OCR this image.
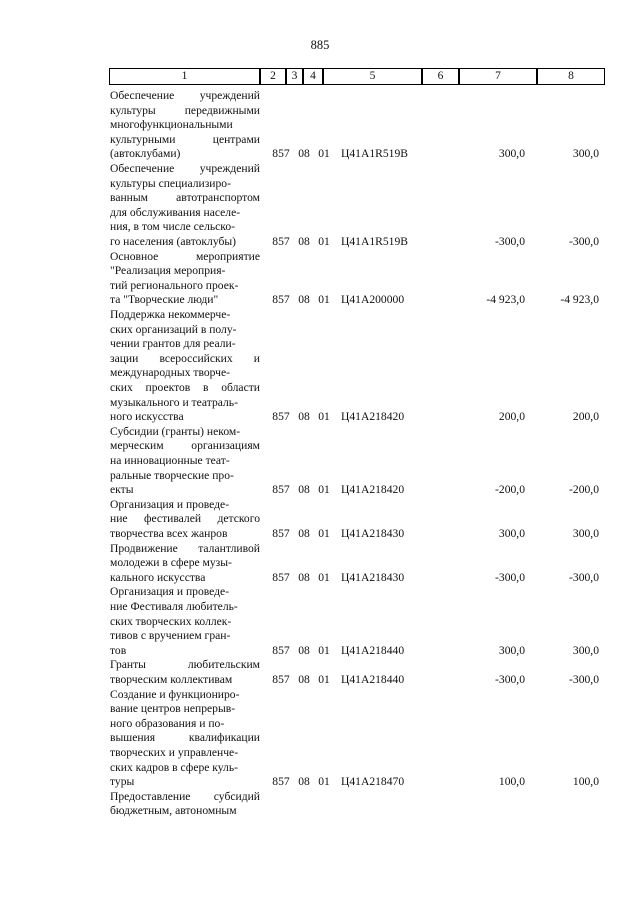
885
1	2	3	4	5	6	7	8
Обеспечение учреждений
культуры передвижными
многофункциональными
культурными центрами
(автоклубами)	857 08 01 Ц41А1R519В	300,0	300,0
Обеспечение учреждений
культуры специализиро-
ванным автотранспортом
для обслуживания населе-
ния, в том числе сельско-
го населения (автоклубы)	857 08 01 Ц41А1R519В	-300,0	-300,0
Основное мероприятие
"Реализация мероприя-
тий регионального проек-
та "Творческие люди"	857 08 01 Ц41А200000	-4 923,0	-4 923,0
Поддержка некоммерче-
ских организаций в полу-
чении грантов для реали-
зации всероссийских и
международных творче-
ских проектов в области
музыкального и театраль-
ного искусства	857 08 01 Ц41А218420	200,0	200,0
Субсидии (гранты) неком-
мерческим организациям
на инновационные теат-
ральные творческие про-
екты	857 08 01 Ц41А218420	-200,0	-200,0
Организация и проведе-
ние фестивалей детского
творчества всех жанров	857 08 01 Ц41А218430	300,0	300,0
Продвижение талантливой
молодежи в сфере музы-
кального искусства	857 08 01 Ц41А218430	-300,0	-300,0
Организация и проведе-
ние Фестиваля любитель-
ских творческих коллек-
тивов с вручением гран-
тов	857 08 01 Ц41А218440	300,0	300,0
Гранты любительским
творческим коллективам	857 08 01 Ц41А218440	-300,0	-300,0
Создание и функциониро-
вание центров непрерыв-
ного образования и по-
вышения квалификации
творческих и управленче-
ских кадров в сфере куль-
туры	857 08 01 Ц41А218470	100,0	100,0
Предоставление субсидий
бюджетным, автономным
